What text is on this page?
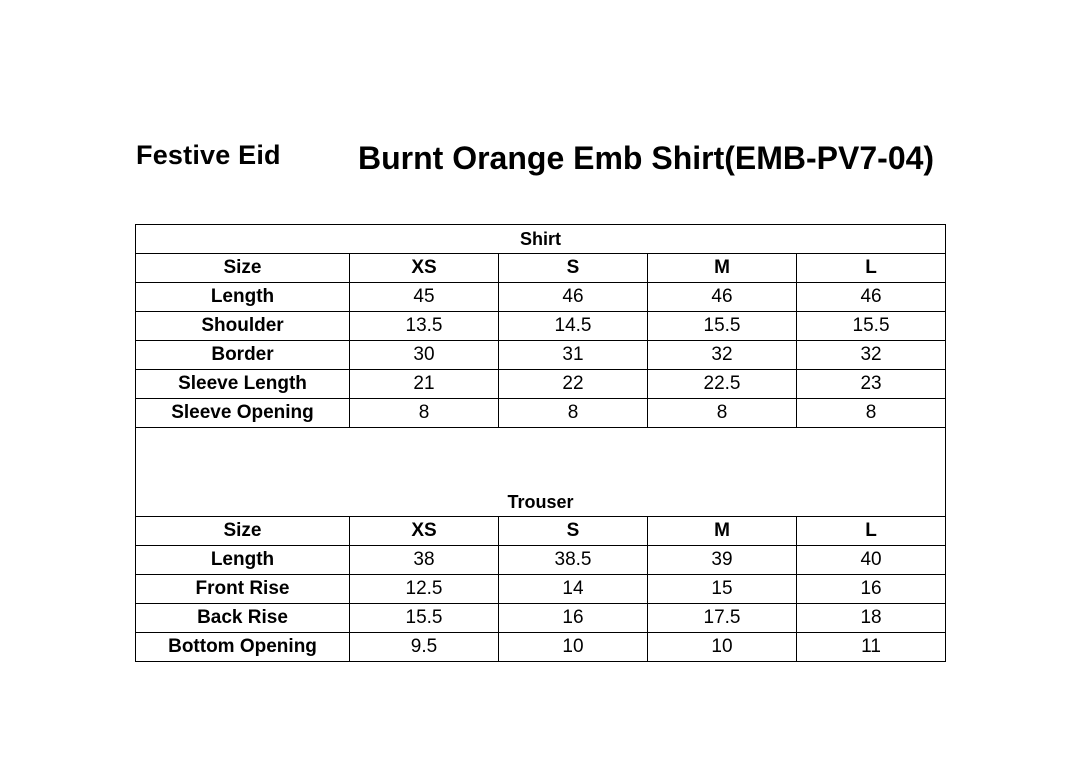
Festive Eid Burnt Orange Emb Shirt(EMB-PV7-04)
Shirt				
Size	XS	S	M	L
Length	45	46	46	46
Shoulder	13.5	14.5	15.5	15.5
Border	30	31	32	32
Sleeve Length	21	22	22.5	23
Sleeve Opening	8	8	8	8

Trouser				
Size	XS	S	M	L
Length	38	38.5	39	40
Front Rise	12.5	14	15	16
Back Rise	15.5	16	17.5	18
Bottom Opening	9.5	10	10	11
